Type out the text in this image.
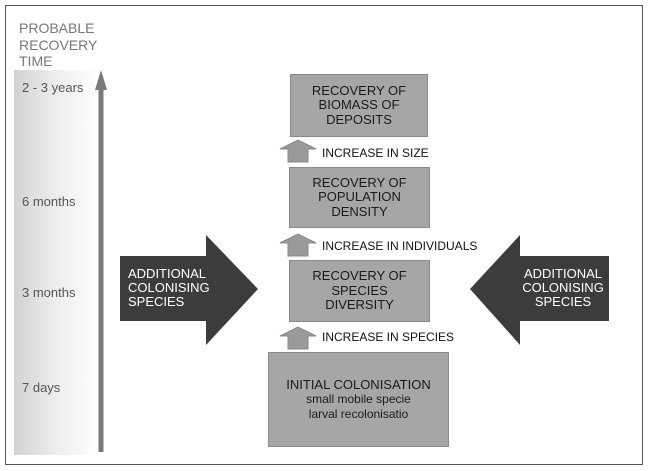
PROBABLE
RECOVERY
TIME
2 - 3 years
6 months
3 months
7 days
RECOVERY OF
BIOMASS OF
DEPOSITS
RECOVERY OF
POPULATION
DENSITY
RECOVERY OF
SPECIES
DIVERSITY
INITIAL COLONISATION
small mobile specie
larval recolonisatio
INCREASE IN SIZE
INCREASE IN INDIVIDUALS
INCREASE IN SPECIES
ADDITIONAL
COLONISING
SPECIES
ADDITIONAL
COLONISING
SPECIES
